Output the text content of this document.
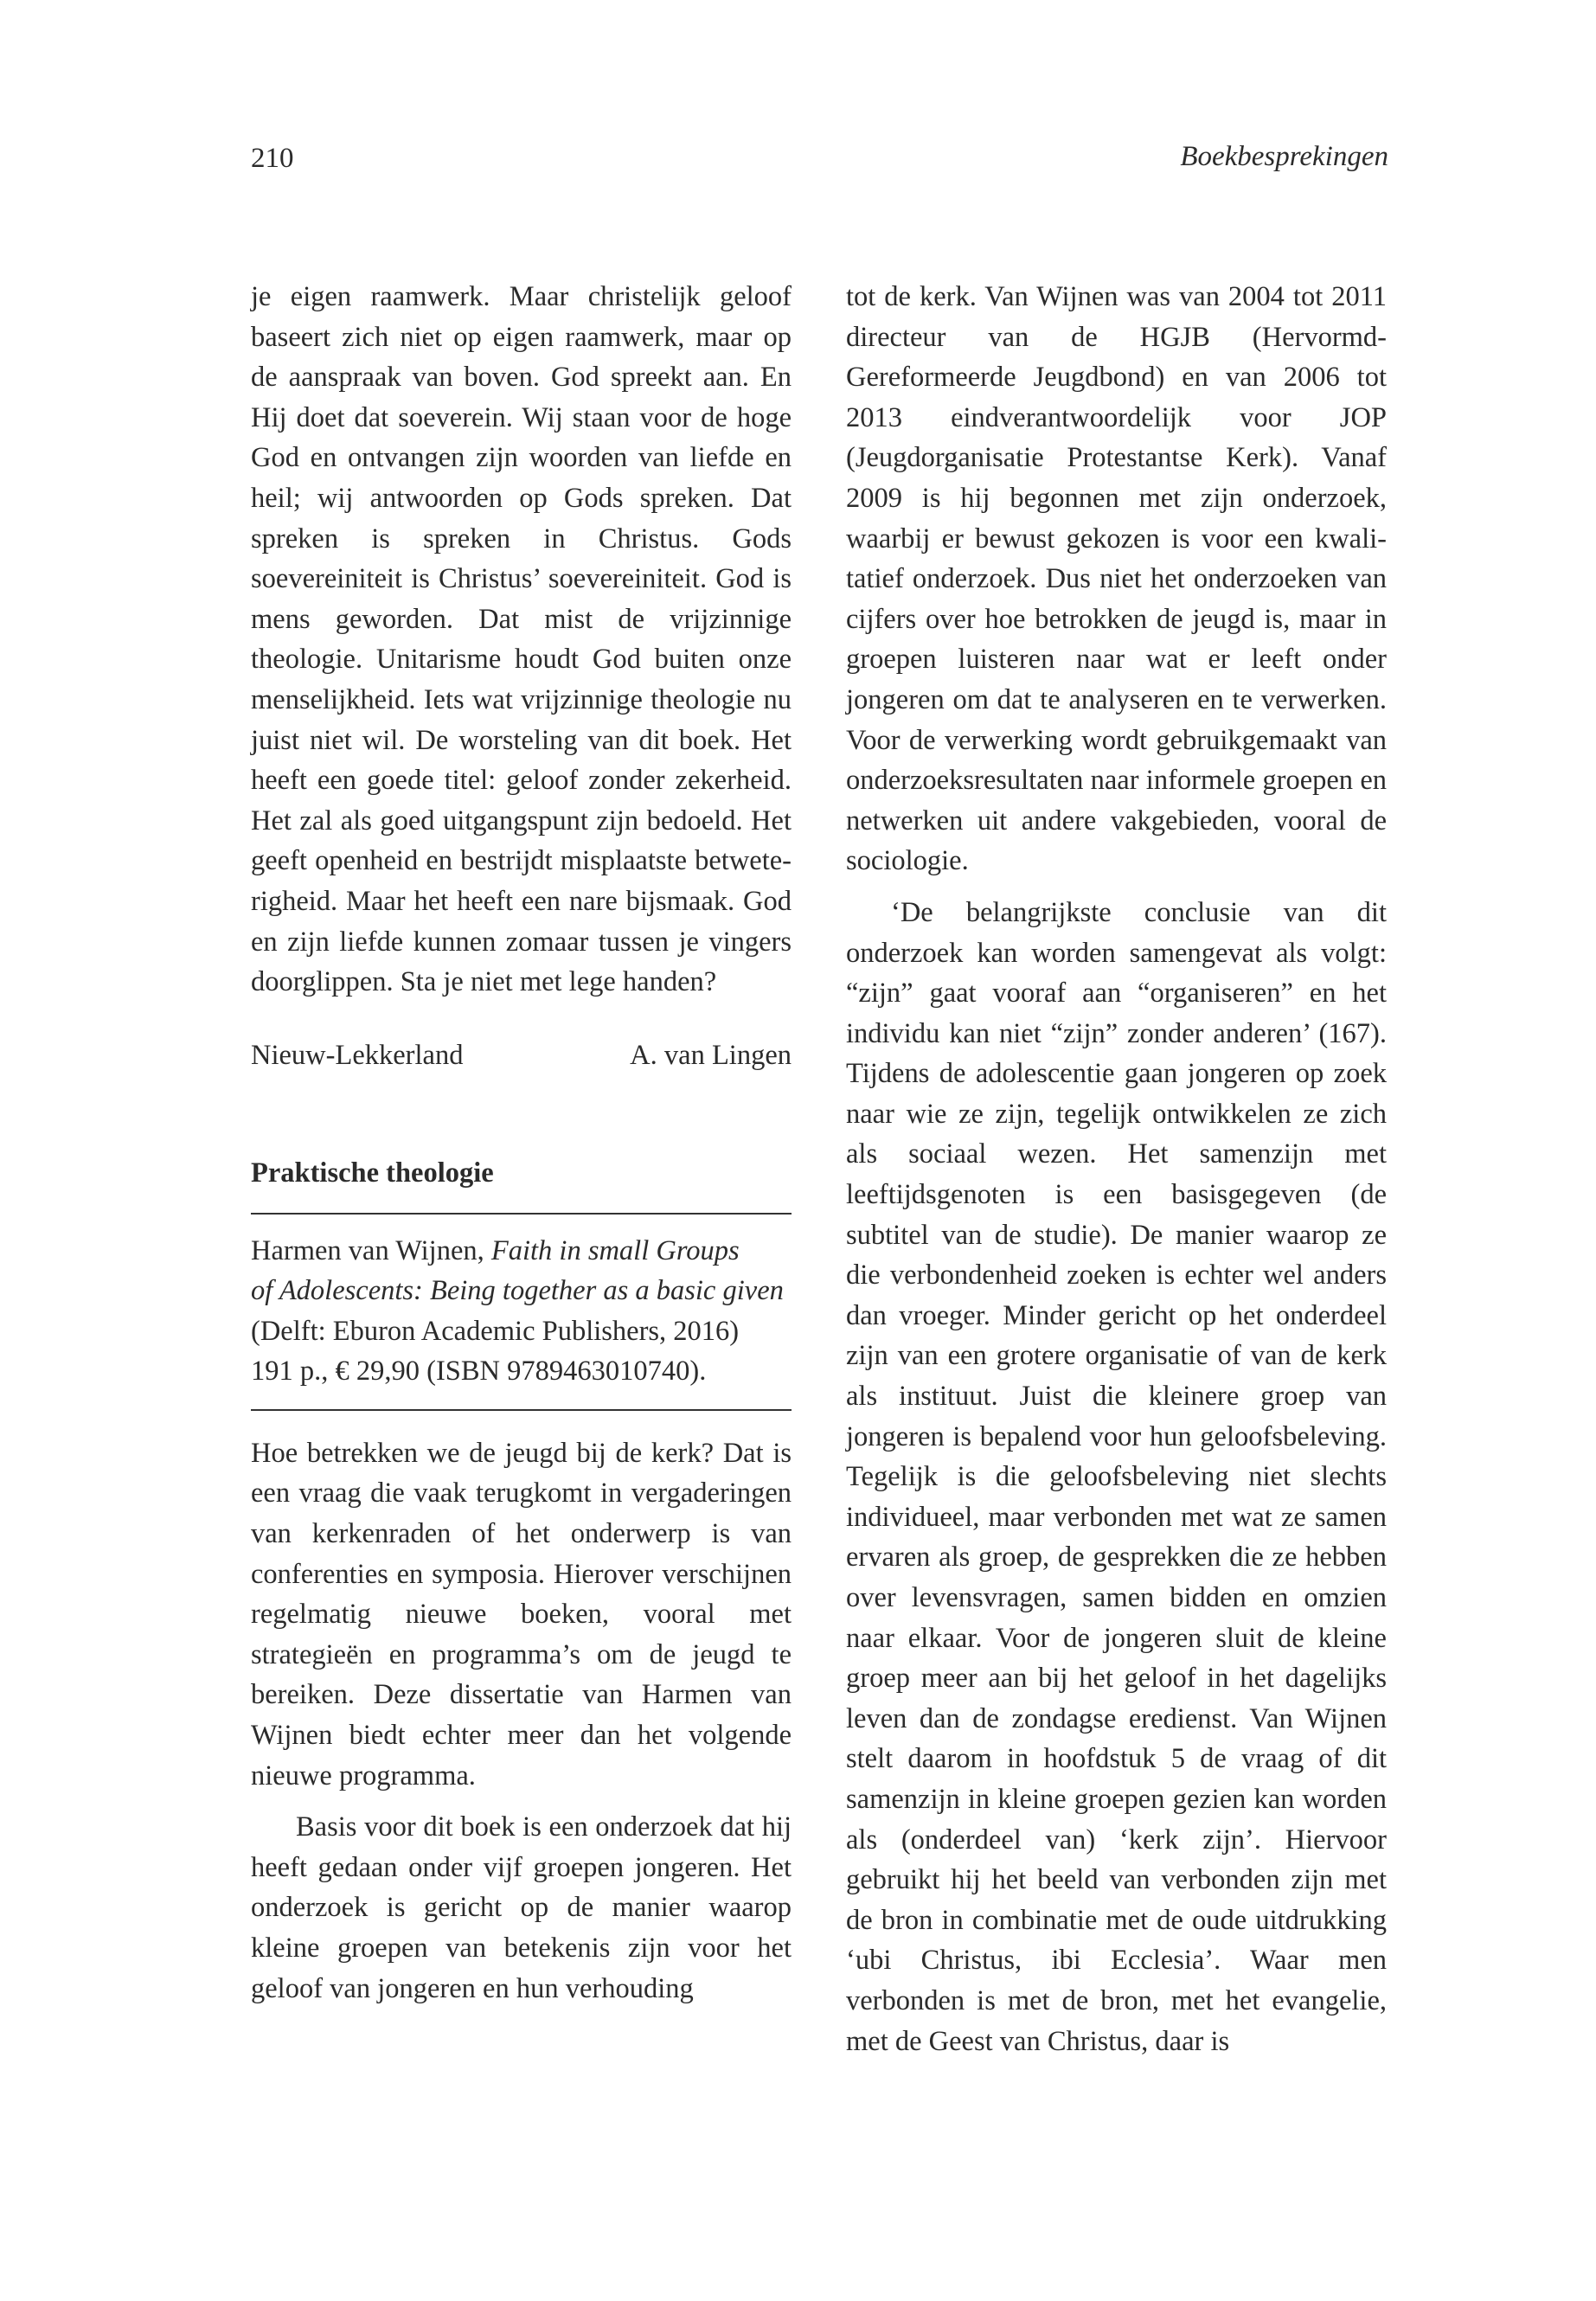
210	Boekbesprekingen

je eigen raamwerk. Maar christelijk geloof baseert zich niet op eigen raamwerk, maar op de aanspraak van boven. God spreekt aan. En Hij doet dat soeverein. Wij staan voor de hoge God en ontvangen zijn woorden van liefde en heil; wij antwoorden op Gods spreken. Dat spreken is spreken in Christus. Gods soevereiniteit is Christus’ soevereiniteit. God is mens geworden. Dat mist de vrijzinnige theologie. Unitarisme houdt God buiten onze menselijkheid. Iets wat vrijzinnige theologie nu juist niet wil. De worsteling van dit boek. Het heeft een goede titel: geloof zonder zekerheid. Het zal als goed uitgangspunt zijn bedoeld. Het geeft openheid en bestrijdt misplaatste betweterigheid. Maar het heeft een nare bijsmaak. God en zijn liefde kunnen zomaar tussen je vingers doorglippen. Sta je niet met lege handen?

Nieuw-Lekkerland	A. van Lingen
Praktische theologie
Harmen van Wijnen, Faith in small Groups
of Adolescents: Being together as a basic given
(Delft: Eburon Academic Publishers, 2016)
191 p., € 29,90 (ISBN 9789463010740).

Hoe betrekken we de jeugd bij de kerk? Dat is een vraag die vaak terugkomt in vergaderingen van kerkenraden of het onderwerp is van conferenties en symposia. Hierover verschijnen regelmatig nieuwe boeken, vooral met strategieën en programma’s om de jeugd te bereiken. Deze dissertatie van Harmen van Wijnen biedt echter meer dan het volgende nieuwe programma.

Basis voor dit boek is een onderzoek dat hij heeft gedaan onder vijf groepen jongeren. Het onderzoek is gericht op de manier waarop kleine groepen van betekenis zijn voor het geloof van jongeren en hun verhouding

tot de kerk. Van Wijnen was van 2004 tot 2011 directeur van de HGJB (Hervormd-Gereformeerde Jeugdbond) en van 2006 tot 2013 eindverantwoordelijk voor JOP (Jeugdorganisatie Protestantse Kerk). Vanaf 2009 is hij begonnen met zijn onderzoek, waarbij er bewust gekozen is voor een kwalitatief onderzoek. Dus niet het onderzoeken van cijfers over hoe betrokken de jeugd is, maar in groepen luisteren naar wat er leeft onder jongeren om dat te analyseren en te verwerken. Voor de verwerking wordt gebruikgemaakt van onderzoeksresultaten naar informele groepen en netwerken uit andere vakgebieden, vooral de sociologie.

‘De belangrijkste conclusie van dit onderzoek kan worden samengevat als volgt: “zijn” gaat vooraf aan “organiseren” en het individu kan niet “zijn” zonder anderen’ (167). Tijdens de adolescentie gaan jongeren op zoek naar wie ze zijn, tegelijk ontwikkelen ze zich als sociaal wezen. Het samenzijn met leeftijdsgenoten is een basisgegeven (de subtitel van de studie). De manier waarop ze die verbondenheid zoeken is echter wel anders dan vroeger. Minder gericht op het onderdeel zijn van een grotere organisatie of van de kerk als instituut. Juist die kleinere groep van jongeren is bepalend voor hun geloofsbeleving. Tegelijk is die geloofsbeleving niet slechts individueel, maar verbonden met wat ze samen ervaren als groep, de gesprekken die ze hebben over levensvragen, samen bidden en omzien naar elkaar. Voor de jongeren sluit de kleine groep meer aan bij het geloof in het dagelijks leven dan de zondagse eredienst. Van Wijnen stelt daarom in hoofdstuk 5 de vraag of dit samenzijn in kleine groepen gezien kan worden als (onderdeel van) ‘kerk zijn’. Hiervoor gebruikt hij het beeld van verbonden zijn met de bron in combinatie met de oude uitdrukking ‘ubi Christus, ibi Ecclesia’. Waar men verbonden is met de bron, met het evangelie, met de Geest van Christus, daar is
